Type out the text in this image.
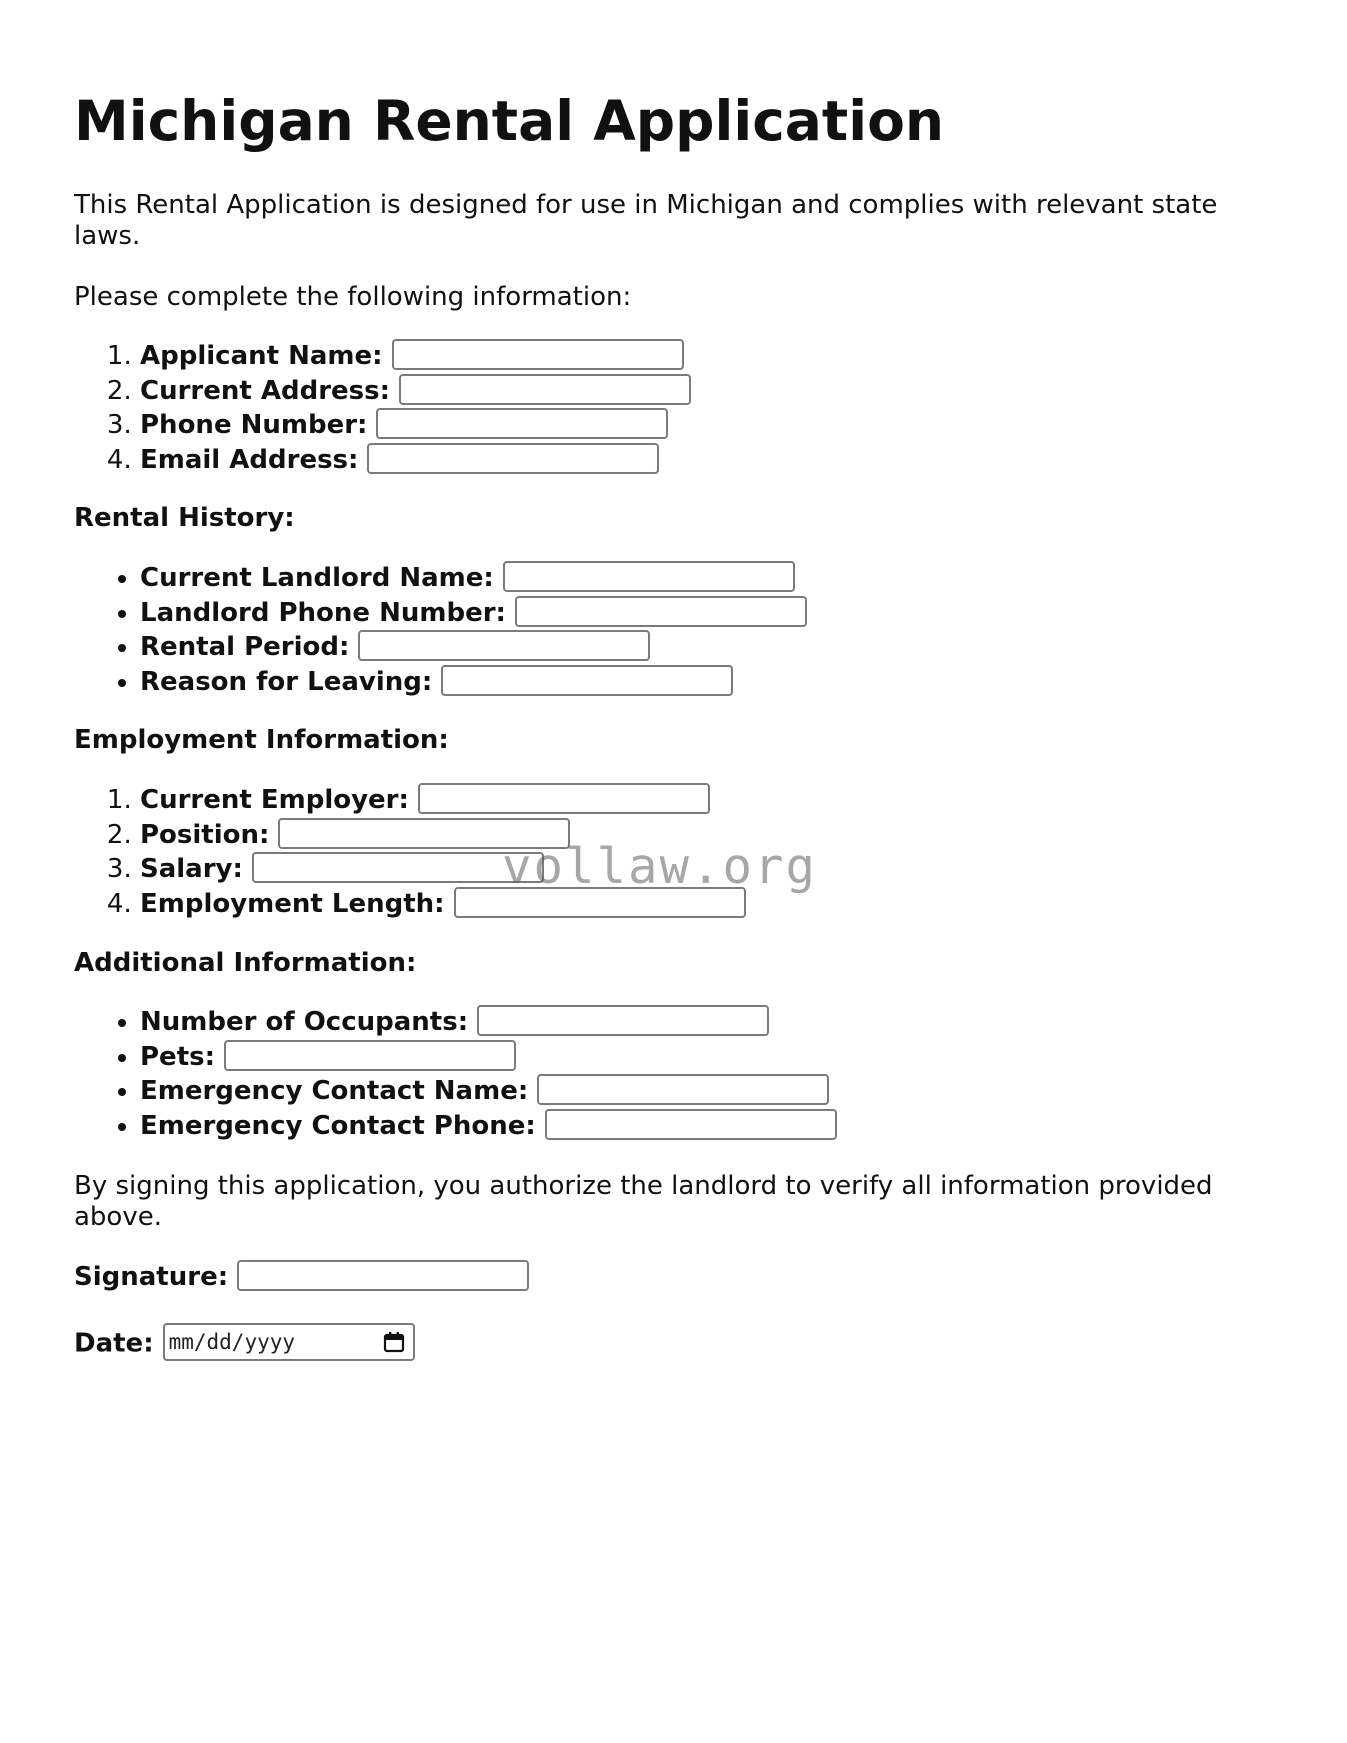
Michigan Rental Application

This Rental Application is designed for use in Michigan and complies with relevant state laws.

Please complete the following information:

1. Applicant Name:
2. Current Address:
3. Phone Number:
4. Email Address:

Rental History:

• Current Landlord Name:
• Landlord Phone Number:
• Rental Period:
• Reason for Leaving:

Employment Information:

1. Current Employer:
2. Position:
3. Salary:
4. Employment Length:

Additional Information:

• Number of Occupants:
• Pets:
• Emergency Contact Name:
• Emergency Contact Phone:

By signing this application, you authorize the landlord to verify all information provided above.

Signature:
Date: mm/dd/yyyy
vollaw.org
